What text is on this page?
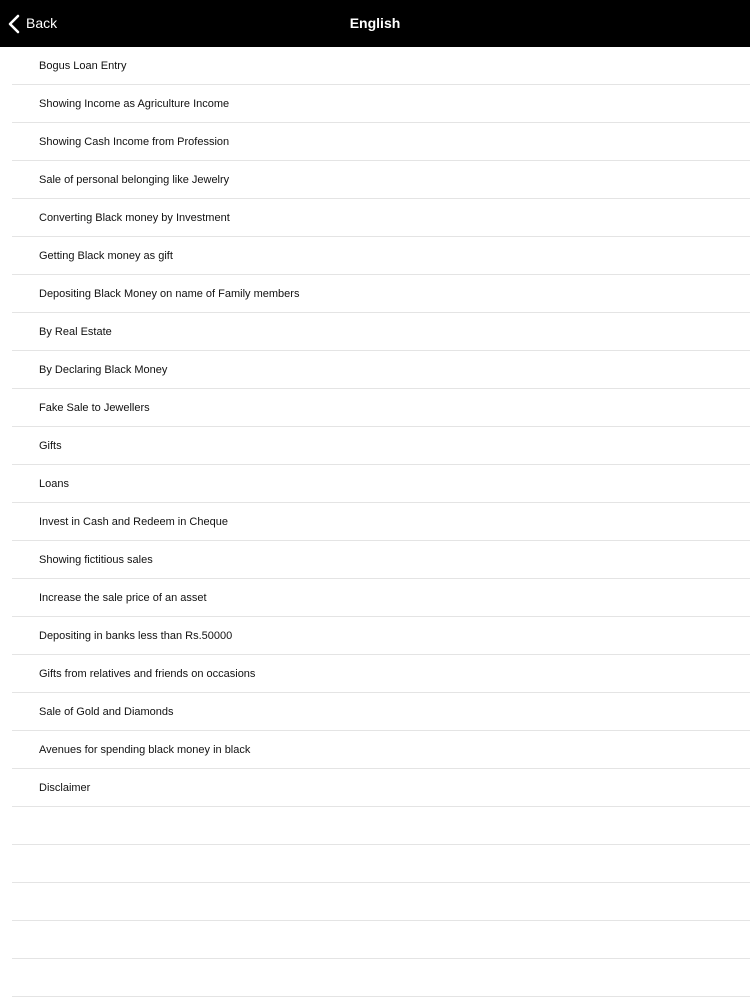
Back	English
Bogus Loan Entry
Showing Income as Agriculture Income
Showing Cash Income from Profession
Sale of personal belonging like Jewelry
Converting Black money by Investment
Getting Black money as gift
Depositing Black Money on name of Family members
By Real Estate
By Declaring Black Money
Fake Sale to Jewellers
Gifts
Loans
Invest in Cash and Redeem in Cheque
Showing fictitious sales
Increase the sale price of an asset
Depositing in banks less than Rs.50000
Gifts from relatives and friends on occasions
Sale of Gold and Diamonds
Avenues for spending black money in black
Disclaimer
